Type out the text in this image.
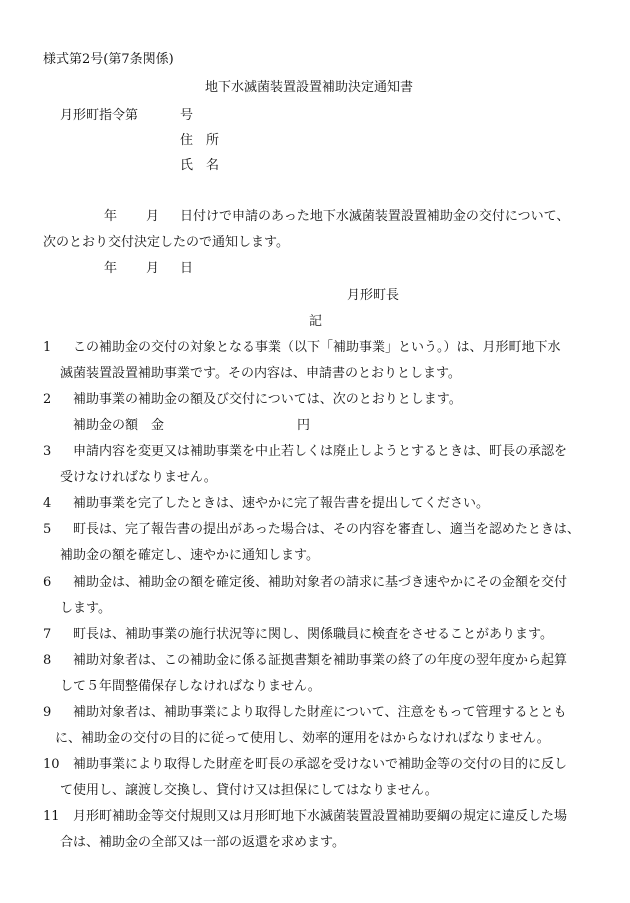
様式第2号(第7条関係)
地下水滅菌装置設置補助決定通知書
月形町指令第	号
住　所
氏　名
年 月 日付けで申請のあった地下水滅菌装置設置補助金の交付について、
次のとおり交付決定したので通知します。
年 月 日
月形町長
記
1 この補助金の交付の対象となる事業（以下「補助事業」という。）は、月形町地下水
滅菌装置設置補助事業です。その内容は、申請書のとおりとします。
2 補助事業の補助金の額及び交付については、次のとおりとします。
補助金の額　金	円
3 申請内容を変更又は補助事業を中止若しくは廃止しようとするときは、町長の承認を
受けなければなりません。
4 補助事業を完了したときは、速やかに完了報告書を提出してください。
5 町長は、完了報告書の提出があった場合は、その内容を審査し、適当を認めたときは、
補助金の額を確定し、速やかに通知します。
6 補助金は、補助金の額を確定後、補助対象者の請求に基づき速やかにその金額を交付
します。
7 町長は、補助事業の施行状況等に関し、関係職員に検査をさせることがあります。
8 補助対象者は、この補助金に係る証拠書類を補助事業の終了の年度の翌年度から起算
して５年間整備保存しなければなりません。
9 補助対象者は、補助事業により取得した財産について、注意をもって管理するととも
に、補助金の交付の目的に従って使用し、効率的運用をはからなければなりません。
10 補助事業により取得した財産を町長の承認を受けないで補助金等の交付の目的に反し
て使用し、譲渡し交換し、貸付け又は担保にしてはなりません。
11 月形町補助金等交付規則又は月形町地下水滅菌装置設置補助要綱の規定に違反した場
合は、補助金の全部又は一部の返還を求めます。
